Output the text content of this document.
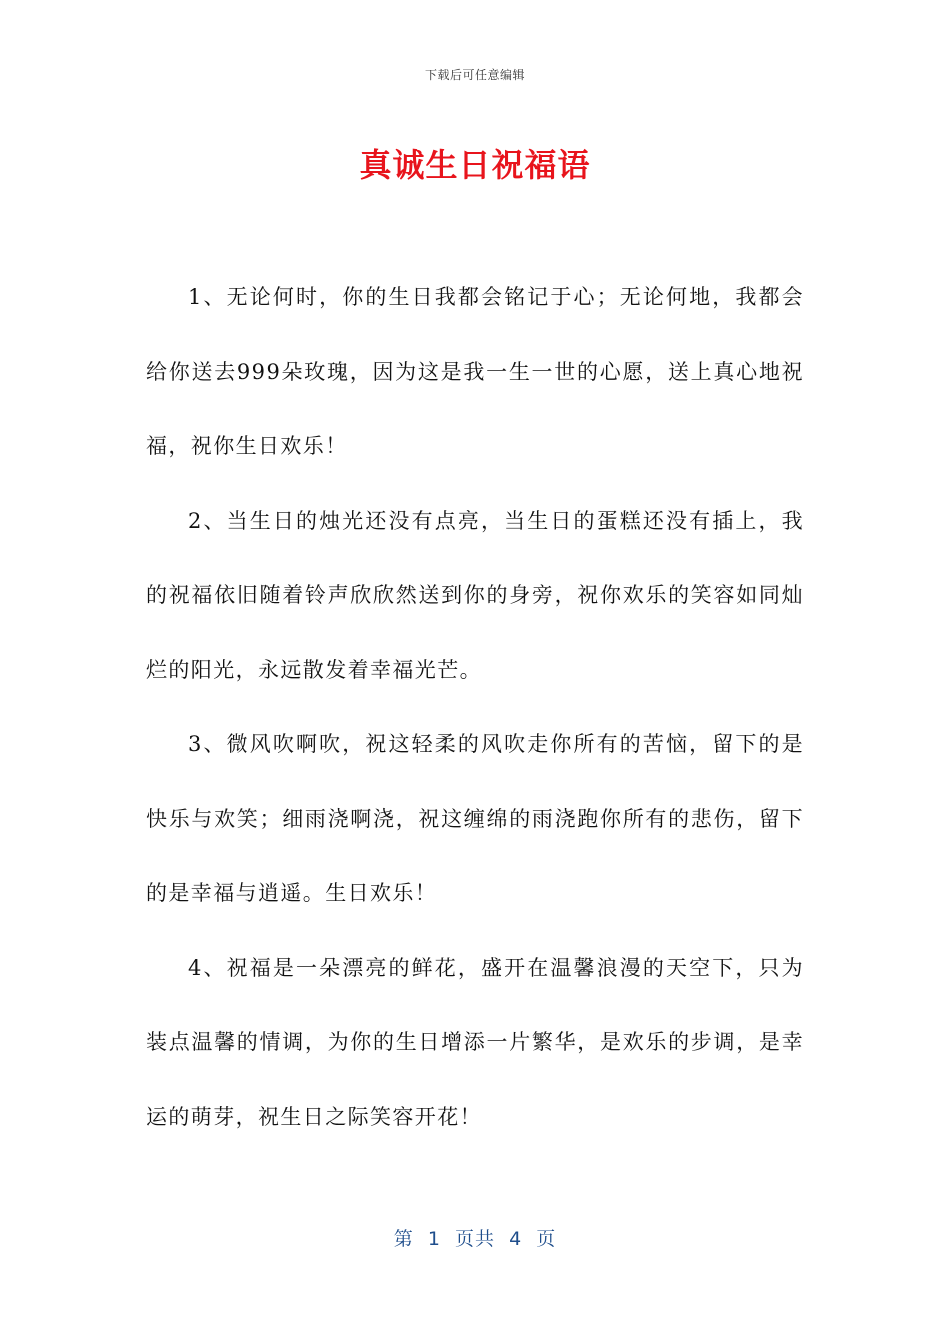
下载后可任意编辑
真诚生日祝福语

1、无论何时，你的生日我都会铭记于心；无论何地，我都会给你送去999朵玫瑰，因为这是我一生一世的心愿，送上真心地祝福，祝你生日欢乐！

2、当生日的烛光还没有点亮，当生日的蛋糕还没有插上，我的祝福依旧随着铃声欣欣然送到你的身旁，祝你欢乐的笑容如同灿烂的阳光，永远散发着幸福光芒。

3、微风吹啊吹，祝这轻柔的风吹走你所有的苦恼，留下的是快乐与欢笑；细雨浇啊浇，祝这缠绵的雨浇跑你所有的悲伤，留下的是幸福与逍遥。生日欢乐！

4、祝福是一朵漂亮的鲜花，盛开在温馨浪漫的天空下，只为装点温馨的情调，为你的生日增添一片繁华，是欢乐的步调，是幸运的萌芽，祝生日之际笑容开花！

第  1  页共  4  页
